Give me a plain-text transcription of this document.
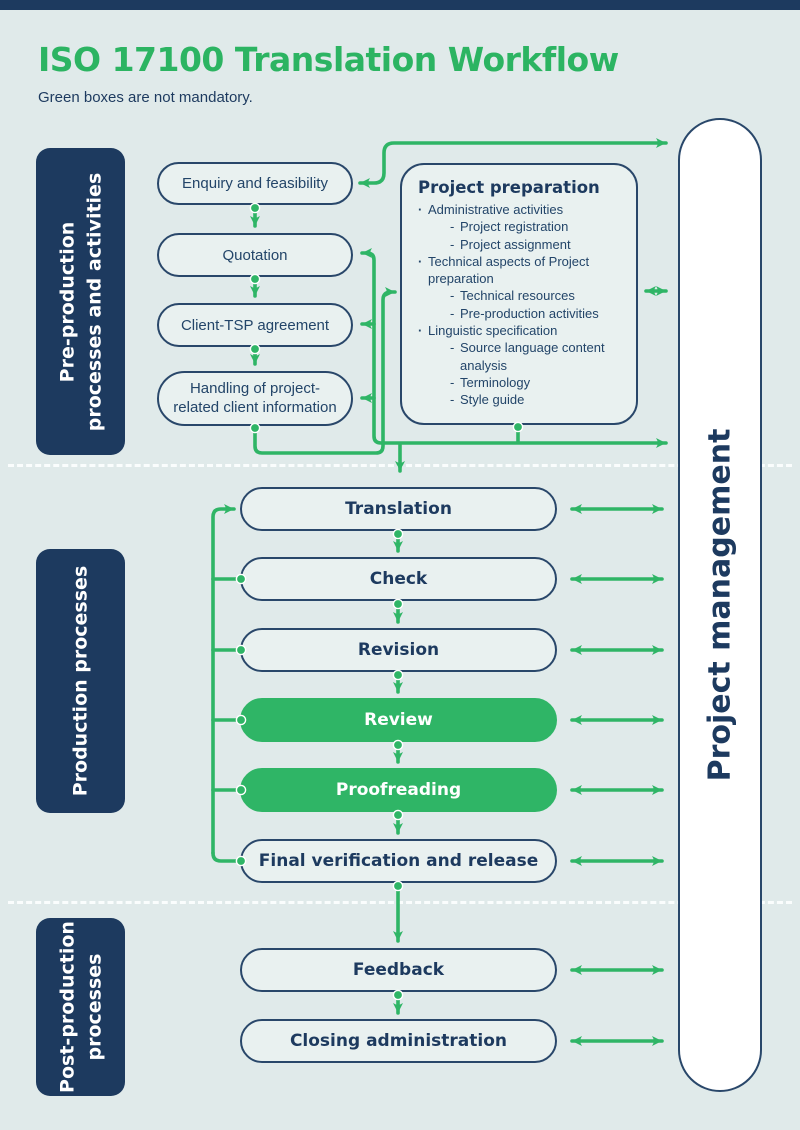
ISO 17100 Translation Workflow
Green boxes are not mandatory.
Pre-production processes and activities
Production processes
Post-production processes
Enquiry and feasibility
Quotation
Client-TSP agreement
Handling of project-related client information
Project preparation
· Administrative activities
- Project registration
- Project assignment
· Technical aspects of Project preparation
- Technical resources
- Pre-production activities
· Linguistic specification
- Source language content analysis
- Terminology
- Style guide
Translation
Check
Revision
Review
Proofreading
Final verification and release
Feedback
Closing administration
Project management
